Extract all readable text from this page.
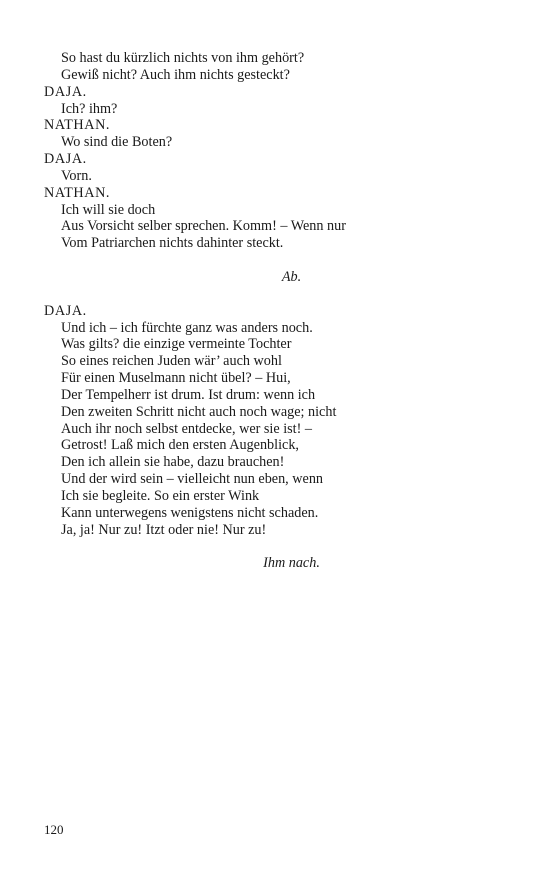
So hast du kürzlich nichts von ihm gehört?
Gewiß nicht? Auch ihm nichts gesteckt?
DAJA.
Ich? ihm?
NATHAN.
Wo sind die Boten?
DAJA.
Vorn.
NATHAN.
Ich will sie doch
Aus Vorsicht selber sprechen. Komm! – Wenn nur
Vom Patriarchen nichts dahinter steckt.
Ab.
DAJA.
Und ich – ich fürchte ganz was anders noch.
Was gilts? die einzige vermeinte Tochter
So eines reichen Juden wär’ auch wohl
Für einen Muselmann nicht übel? – Hui,
Der Tempelherr ist drum. Ist drum: wenn ich
Den zweiten Schritt nicht auch noch wage; nicht
Auch ihr noch selbst entdecke, wer sie ist! –
Getrost! Laß mich den ersten Augenblick,
Den ich allein sie habe, dazu brauchen!
Und der wird sein – vielleicht nun eben, wenn
Ich sie begleite. So ein erster Wink
Kann unterwegens wenigstens nicht schaden.
Ja, ja! Nur zu! Itzt oder nie! Nur zu!
Ihm nach.
120
